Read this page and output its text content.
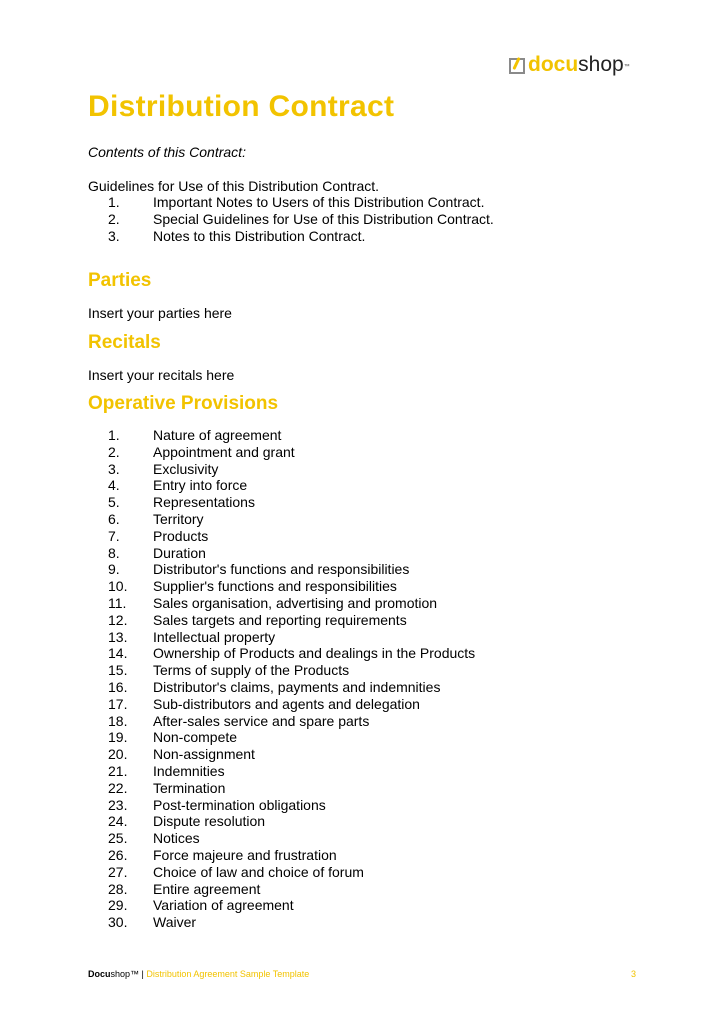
docushop™
Distribution Contract
Contents of this Contract:
Guidelines for Use of this Distribution Contract.
1.	Important Notes to Users of this Distribution Contract.
2.	Special Guidelines for Use of this Distribution Contract.
3.	Notes to this Distribution Contract.
Parties

Insert your parties here

Recitals

Insert your recitals here

Operative Provisions
1.	Nature of agreement
2.	Appointment and grant
3.	Exclusivity
4.	Entry into force
5.	Representations
6.	Territory
7.	Products
8.	Duration
9.	Distributor's functions and responsibilities
10.	Supplier's functions and responsibilities
11.	Sales organisation, advertising and promotion
12.	Sales targets and reporting requirements
13.	Intellectual property
14.	Ownership of Products and dealings in the Products
15.	Terms of supply of the Products
16.	Distributor's claims, payments and indemnities
17.	Sub-distributors and agents and delegation
18.	After-sales service and spare parts
19.	Non-compete
20.	Non-assignment
21.	Indemnities
22.	Termination
23.	Post-termination obligations
24.	Dispute resolution
25.	Notices
26.	Force majeure and frustration
27.	Choice of law and choice of forum
28.	Entire agreement
29.	Variation of agreement
30.	Waiver
Docushop™ | Distribution Agreement Sample Template	3
